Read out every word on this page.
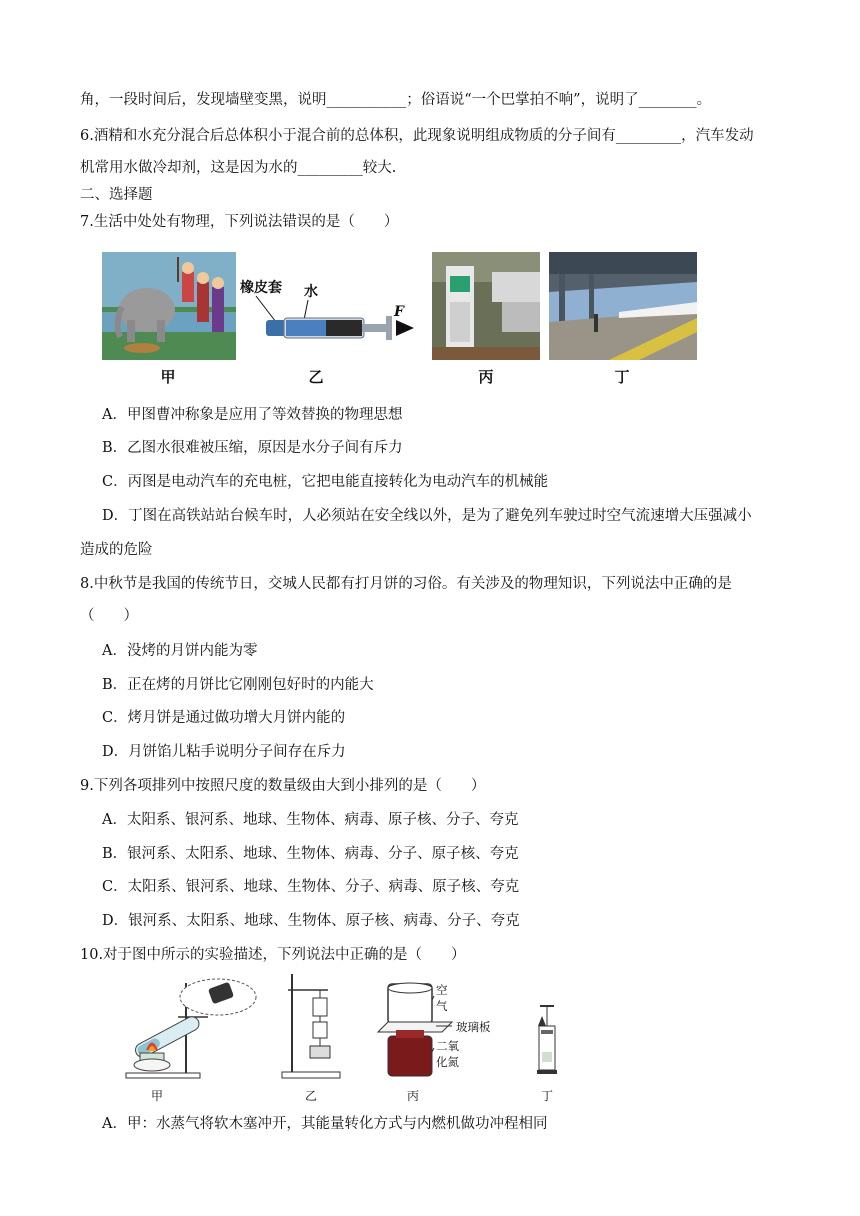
角，一段时间后，发现墙壁变黑，说明___________；俗语说“一个巴掌拍不响”，说明了________。
6.酒精和水充分混合后总体积小于混合前的总体积，此现象说明组成物质的分子间有_________，汽车发动
机常用水做冷却剂，这是因为水的_________较大.
二、选择题
7.生活中处处有物理，下列说法错误的是（　　）
橡皮套 水
F
甲	乙	丙	丁
A．甲图曹冲称象是应用了等效替换的物理思想
B．乙图水很难被压缩，原因是水分子间有斥力
C．丙图是电动汽车的充电桩，它把电能直接转化为电动汽车的机械能
D．丁图在高铁站站台候车时，人必须站在安全线以外，是为了避免列车驶过时空气流速增大压强减小
造成的危险
8.中秋节是我国的传统节日，交城人民都有打月饼的习俗。有关涉及的物理知识，下列说法中正确的是
（　　）
A．没烤的月饼内能为零
B．正在烤的月饼比它刚刚包好时的内能大
C．烤月饼是通过做功增大月饼内能的
D．月饼馅儿粘手说明分子间存在斥力
9.下列各项排列中按照尺度的数量级由大到小排列的是（　　）
A．太阳系、银河系、地球、生物体、病毒、原子核、分子、夸克
B．银河系、太阳系、地球、生物体、病毒、分子、原子核、夸克
C．太阳系、银河系、地球、生物体、分子、病毒、原子核、夸克
D．银河系、太阳系、地球、生物体、原子核、病毒、分子、夸克
10.对于图中所示的实验描述，下列说法中正确的是（　　）
空
气
玻璃板
二氧
化氮
甲	乙	丙	丁
A．甲：水蒸气将软木塞冲开，其能量转化方式与内燃机做功冲程相同
